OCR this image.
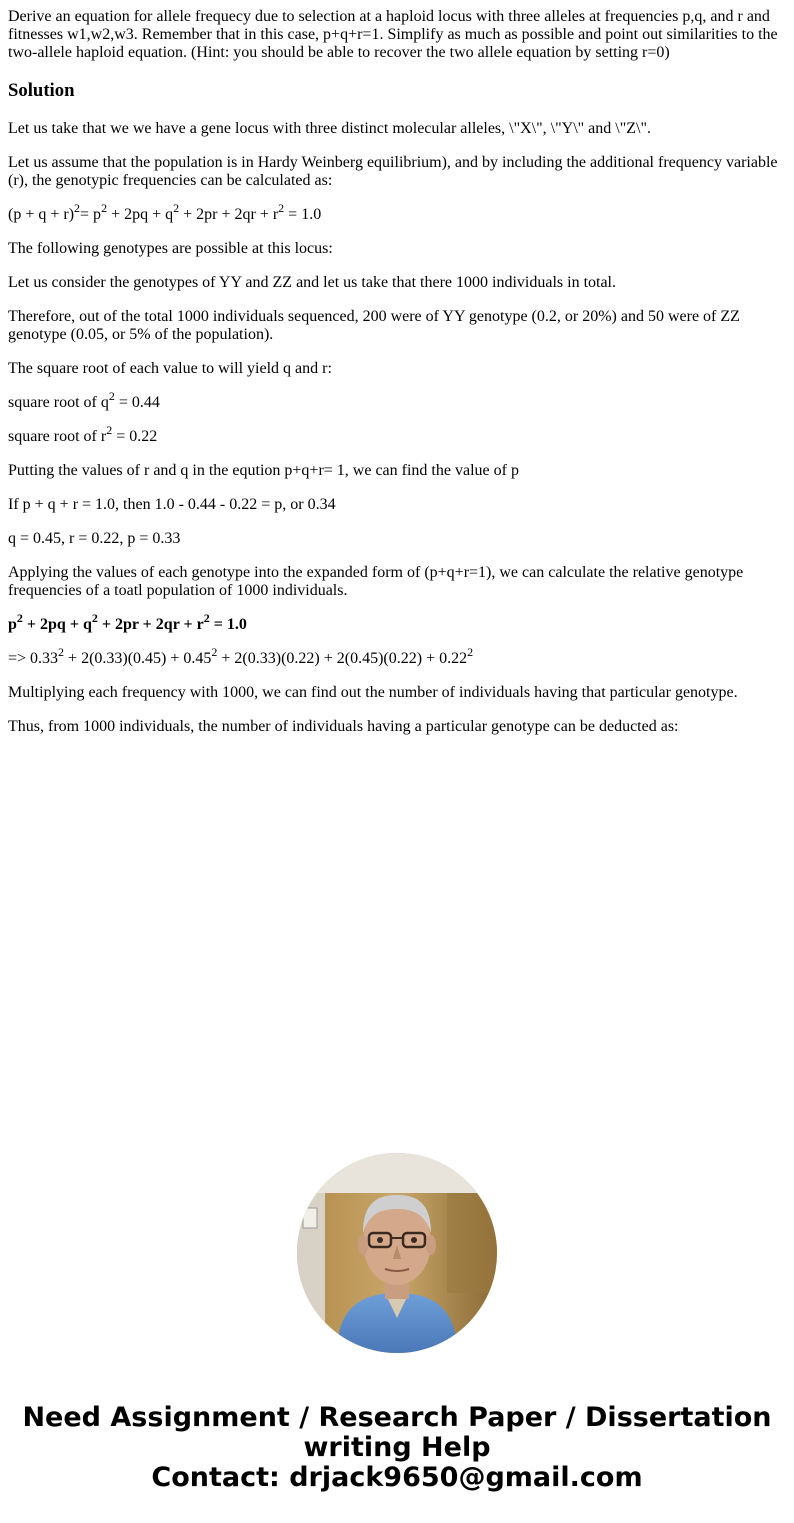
Derive an equation for allele frequecy due to selection at a haploid locus with three alleles at frequencies p,q, and r and fitnesses w1,w2,w3. Remember that in this case, p+q+r=1. Simplify as much as possible and point out similarities to the two-allele haploid equation. (Hint: you should be able to recover the two allele equation by setting r=0)

Solution

Let us take that we we have a gene locus with three distinct molecular alleles, \"X\", \"Y\" and \"Z\".

Let us assume that the population is in Hardy Weinberg equilibrium), and by including the additional frequency variable (r), the genotypic frequencies can be calculated as:

$(p + q + r)^2= p^2 + 2pq + q^2 + 2pr + 2qr + r^2 = 1.0$

The following genotypes are possible at this locus:

Let us consider the genotypes of YY and ZZ and let us take that there 1000 individuals in total.

Therefore, out of the total 1000 individuals sequenced, 200 were of YY genotype (0.2, or 20%) and 50 were of ZZ genotype (0.05, or 5% of the population).

The square root of each value to will yield q and r:

square root of $q^2 = 0.44$

square root of $r^2 = 0.22$

Putting the values of r and q in the eqution p+q+r= 1, we can find the value of p

If p + q + r = 1.0, then 1.0 - 0.44 - 0.22 = p, or 0.34

q = 0.45, r = 0.22, p = 0.33

Applying the values of each genotype into the expanded form of (p+q+r=1), we can calculate the relative genotype frequencies of a toatl population of 1000 individuals.

$p^2 + 2pq + q^2 + 2pr + 2qr + r^2 = 1.0$

=> $0.33^2 + 2(0.33)(0.45) + 0.45^2 + 2(0.33)(0.22) + 2(0.45)(0.22) + 0.22^2$

Multiplying each frequency with 1000, we can find out the number of individuals having that particular genotype.

Thus, from 1000 individuals, the number of individuals having a particular genotype can be deducted as:

Need Assignment / Research Paper / Dissertation
writing Help
Contact: drjack9650@gmail.com
